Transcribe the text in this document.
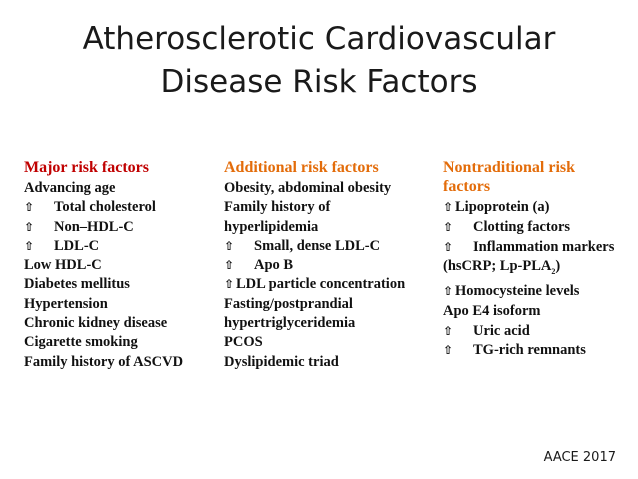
Atherosclerotic Cardiovascular
Disease Risk Factors
Major risk factors
Advancing age
⇧ Total cholesterol
⇧ Non–HDL-C
⇧ LDL-C
Low HDL-C
Diabetes mellitus
Hypertension
Chronic kidney disease
Cigarette smoking
Family history of ASCVD
Additional risk factors
Obesity, abdominal obesity
Family history of
hyperlipidemia
⇧ Small, dense LDL-C
⇧ Apo B
⇧ LDL particle concentration
Fasting/postprandial
hypertriglyceridemia
PCOS
Dyslipidemic triad
Nontraditional risk
factors
⇧ Lipoprotein (a)
⇧ Clotting factors
⇧ Inflammation markers
(hsCRP; $Lp-PLA_2$)
⇧ Homocysteine levels
Apo E4 isoform
⇧ Uric acid
⇧ TG-rich remnants
AACE 2017
